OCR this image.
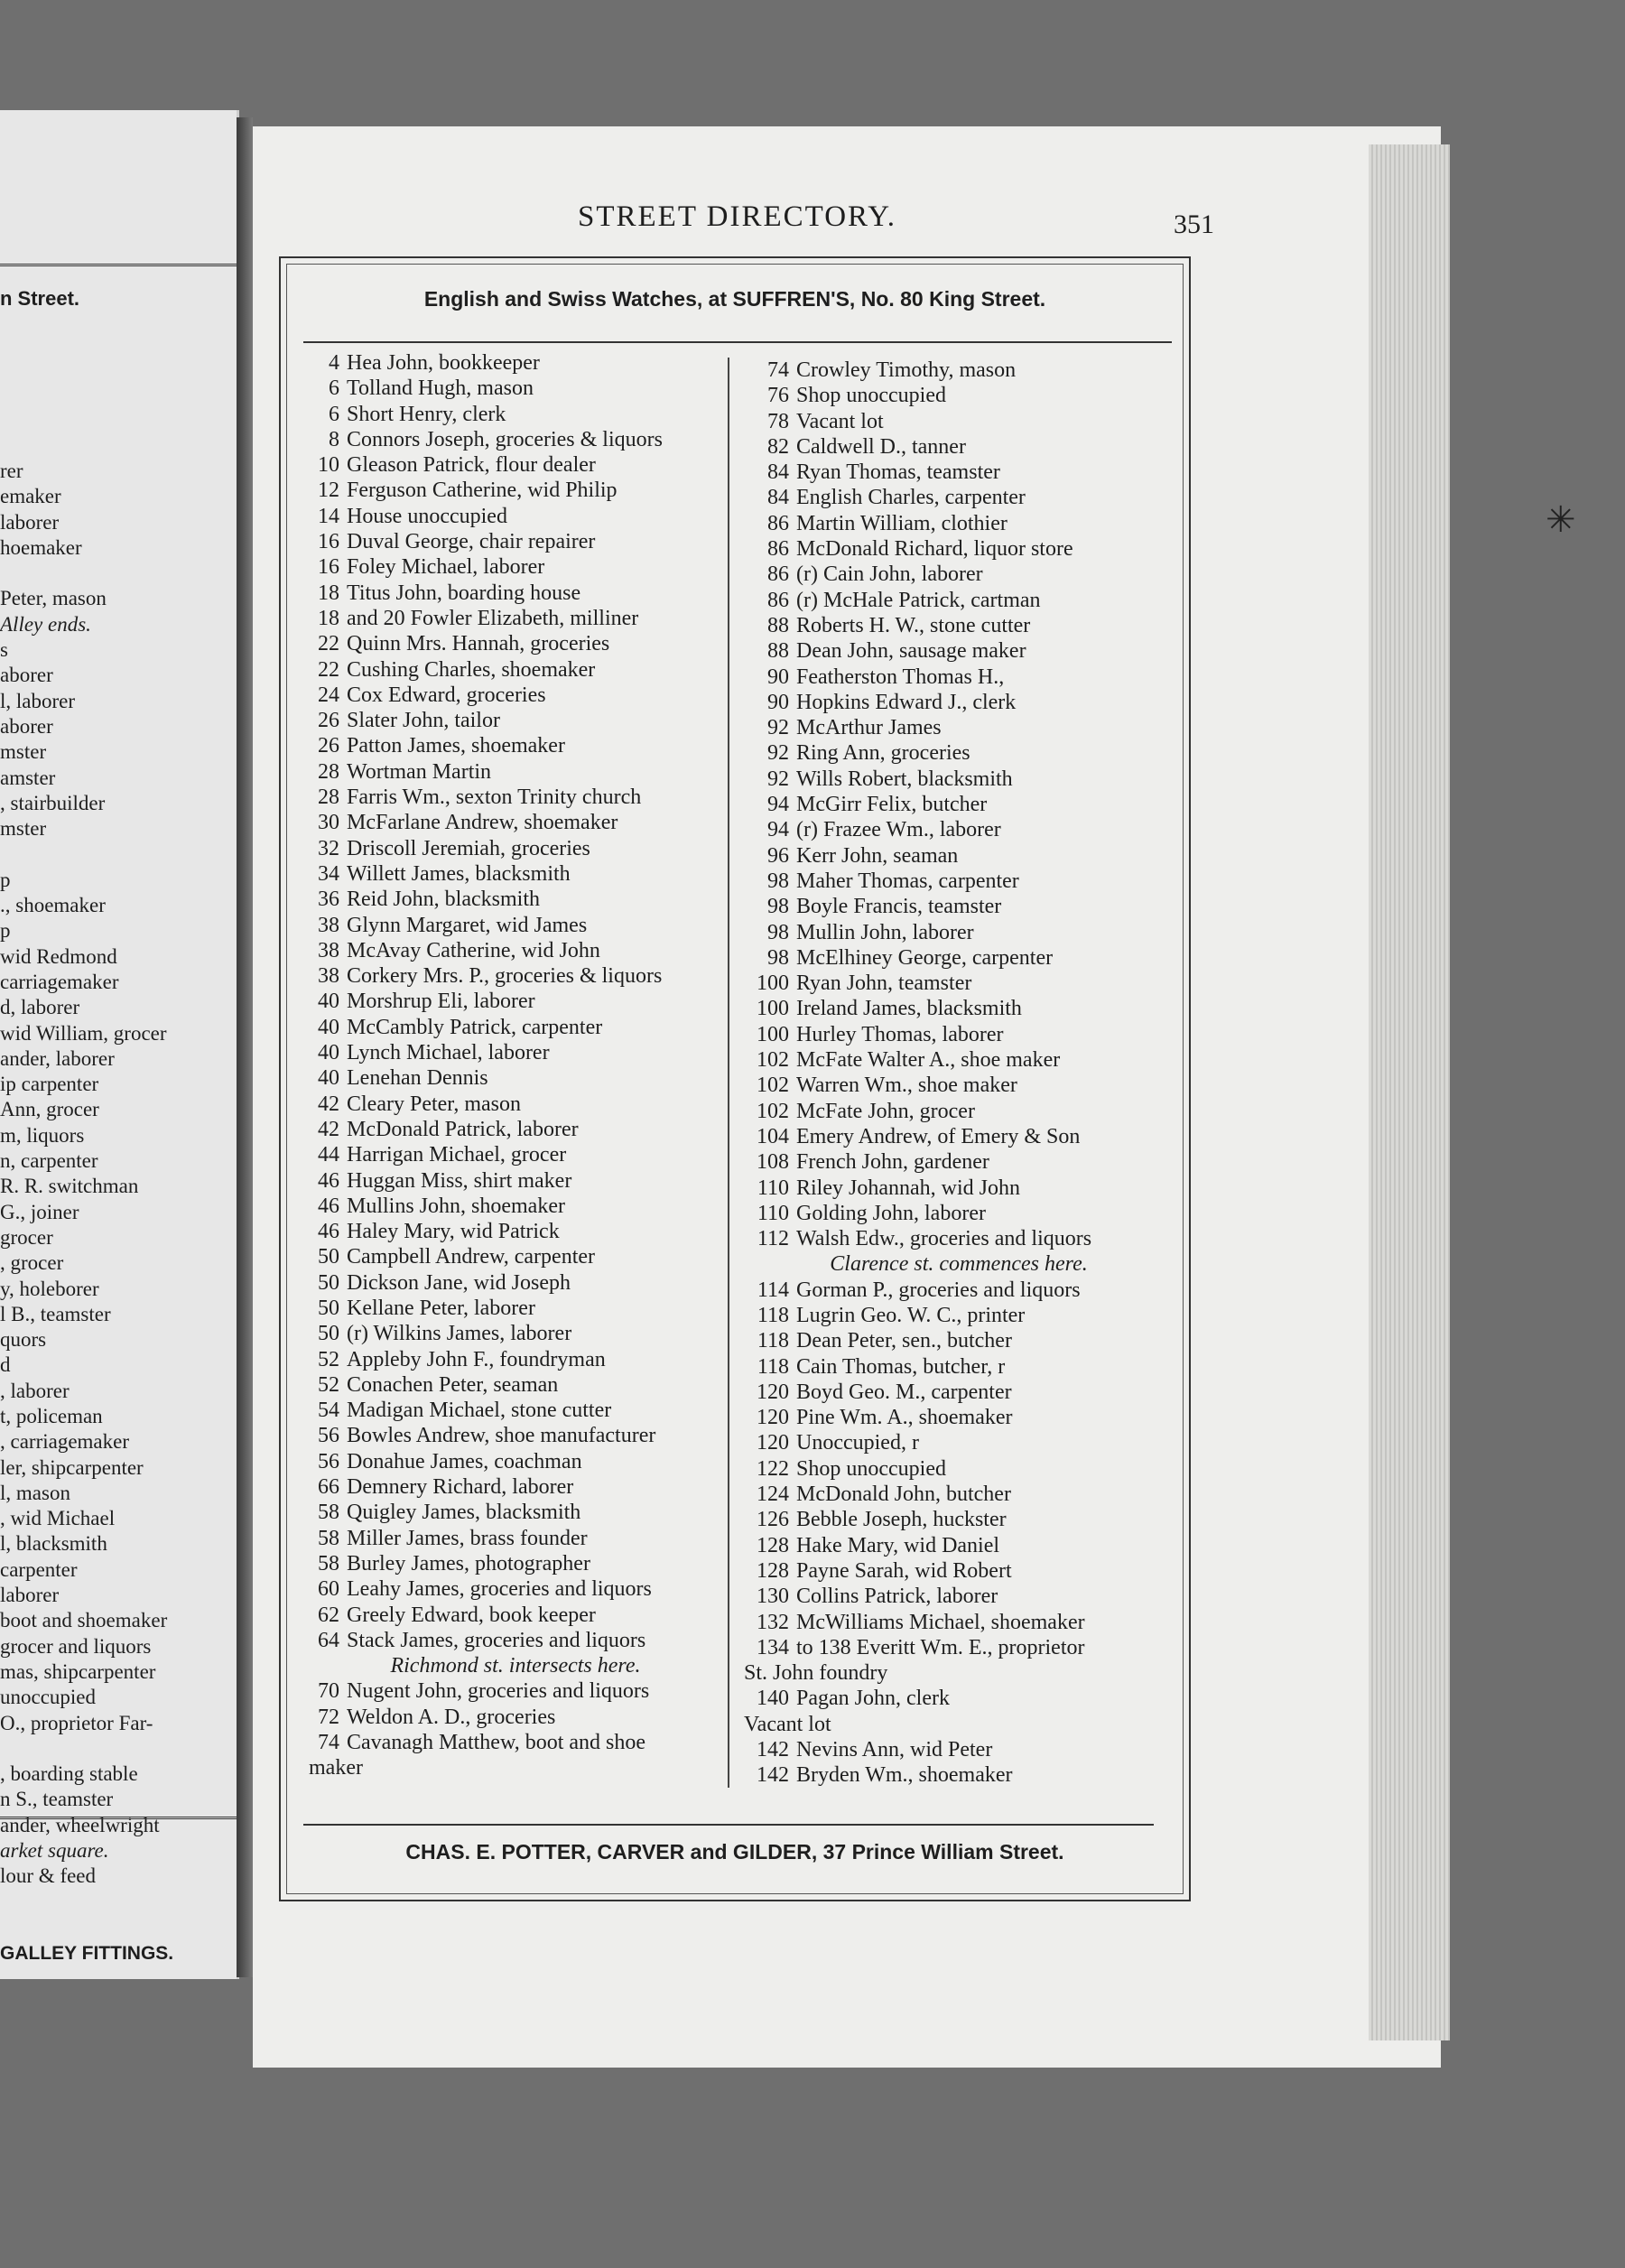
n Street.
rer
emaker
laborer
hoemaker
Peter, mason
Alley ends.
s
aborer
l, laborer
aborer
mster
amster
, stairbuilder
mster
p
., shoemaker
p
wid Redmond
carriagemaker
d, laborer
wid William, grocer
ander, laborer
ip carpenter
Ann, grocer
m, liquors
n, carpenter
R. R. switchman
G., joiner
grocer
, grocer
y, holeborer
l B., teamster
quors
d
, laborer
t, policeman
, carriagemaker
ler, shipcarpenter
l, mason
, wid Michael
l, blacksmith
carpenter
laborer
boot and shoemaker
grocer and liquors
mas, shipcarpenter
unoccupied
O., proprietor Far-
, boarding stable
n S., teamster
ander, wheelwright
arket square.
lour & feed
GALLEY FITTINGS.
STREET DIRECTORY.	351
English and Swiss Watches, at SUFFREN'S, No. 80 King Street.
4 Hea John, bookkeeper
6 Tolland Hugh, mason
6 Short Henry, clerk
8 Connors Joseph, groceries & liquors
10 Gleason Patrick, flour dealer
12 Ferguson Catherine, wid Philip
14 House unoccupied
16 Duval George, chair repairer
16 Foley Michael, laborer
18 Titus John, boarding house
18 and 20 Fowler Elizabeth, milliner
22 Quinn Mrs. Hannah, groceries
22 Cushing Charles, shoemaker
24 Cox Edward, groceries
26 Slater John, tailor
26 Patton James, shoemaker
28 Wortman Martin
28 Farris Wm., sexton Trinity church
30 McFarlane Andrew, shoemaker
32 Driscoll Jeremiah, groceries
34 Willett James, blacksmith
36 Reid John, blacksmith
38 Glynn Margaret, wid James
38 McAvay Catherine, wid John
38 Corkery Mrs. P., groceries & liquors
40 Morshrup Eli, laborer
40 McCambly Patrick, carpenter
40 Lynch Michael, laborer
40 Lenehan Dennis
42 Cleary Peter, mason
42 McDonald Patrick, laborer
44 Harrigan Michael, grocer
46 Huggan Miss, shirt maker
46 Mullins John, shoemaker
46 Haley Mary, wid Patrick
50 Campbell Andrew, carpenter
50 Dickson Jane, wid Joseph
50 Kellane Peter, laborer
50 (r) Wilkins James, laborer
52 Appleby John F., foundryman
52 Conachen Peter, seaman
54 Madigan Michael, stone cutter
56 Bowles Andrew, shoe manufacturer
56 Donahue James, coachman
66 Demnery Richard, laborer
58 Quigley James, blacksmith
58 Miller James, brass founder
58 Burley James, photographer
60 Leahy James, groceries and liquors
62 Greely Edward, book keeper
64 Stack James, groceries and liquors
Richmond st. intersects here.
70 Nugent John, groceries and liquors
72 Weldon A. D., groceries
74 Cavanagh Matthew, boot and shoe
maker
74 Crowley Timothy, mason
76 Shop unoccupied
78 Vacant lot
82 Caldwell D., tanner
84 Ryan Thomas, teamster
84 English Charles, carpenter
86 Martin William, clothier
86 McDonald Richard, liquor store
86 (r) Cain John, laborer
86 (r) McHale Patrick, cartman
88 Roberts H. W., stone cutter
88 Dean John, sausage maker
90 Featherston Thomas H.,
90 Hopkins Edward J., clerk
92 McArthur James
92 Ring Ann, groceries
92 Wills Robert, blacksmith
94 McGirr Felix, butcher
94 (r) Frazee Wm., laborer
96 Kerr John, seaman
98 Maher Thomas, carpenter
98 Boyle Francis, teamster
98 Mullin John, laborer
98 McElhiney George, carpenter
100 Ryan John, teamster
100 Ireland James, blacksmith
100 Hurley Thomas, laborer
102 McFate Walter A., shoe maker
102 Warren Wm., shoe maker
102 McFate John, grocer
104 Emery Andrew, of Emery & Son
108 French John, gardener
110 Riley Johannah, wid John
110 Golding John, laborer
112 Walsh Edw., groceries and liquors
Clarence st. commences here.
114 Gorman P., groceries and liquors
118 Lugrin Geo. W. C., printer
118 Dean Peter, sen., butcher
118 Cain Thomas, butcher, r
120 Boyd Geo. M., carpenter
120 Pine Wm. A., shoemaker
120 Unoccupied, r
122 Shop unoccupied
124 McDonald John, butcher
126 Bebble Joseph, huckster
128 Hake Mary, wid Daniel
128 Payne Sarah, wid Robert
130 Collins Patrick, laborer
132 McWilliams Michael, shoemaker
134 to 138 Everitt Wm. E., proprietor
St. John foundry
140 Pagan John, clerk
Vacant lot
142 Nevins Ann, wid Peter
142 Bryden Wm., shoemaker
CHAS. E. POTTER, CARVER and GILDER, 37 Prince William Street.
✳
